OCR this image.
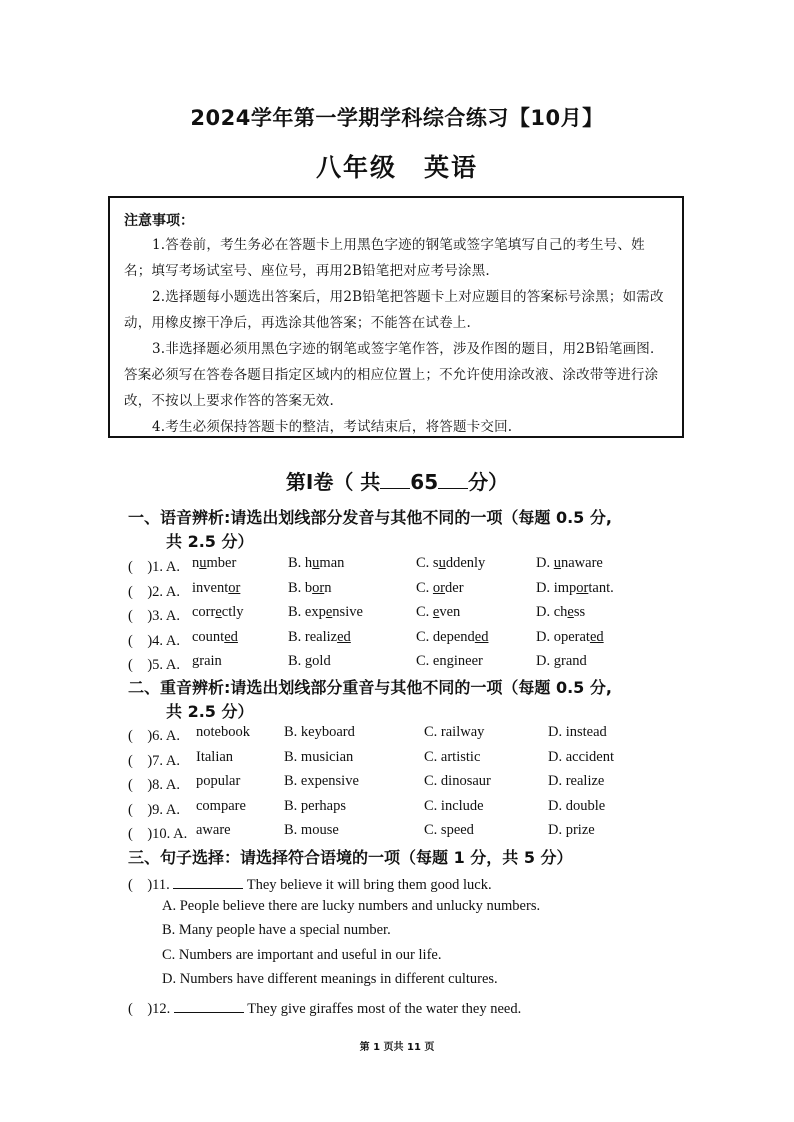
2024学年第一学期学科综合练习【10月】
八年级　英语
注意事项：
1.答卷前，考生务必在答题卡上用黑色字迹的钢笔或签字笔填写自己的考生号、姓名；填写考场试室号、座位号，再用2B铅笔把对应考号涂黑.
2.选择题每小题选出答案后，用2B铅笔把答题卡上对应题目的答案标号涂黑；如需改动，用橡皮擦干净后，再选涂其他答案；不能答在试卷上.
3.非选择题必须用黑色字迹的钢笔或签字笔作答，涉及作图的题目，用2B铅笔画图．答案必须写在答卷各题目指定区域内的相应位置上；不允许使用涂改液、涂改带等进行涂改，不按以上要求作答的答案无效.
4.考生必须保持答题卡的整洁，考试结束后，将答题卡交回.
第Ⅰ卷（ 共 65 分）
一、语音辨析:请选出划线部分发音与其他不同的一项（每题 0.5 分,
共 2.5 分）
(　)1. A. number	B. human	C. suddenly	D. unaware
(　)2. A. inventor	B. born	C. order	D. important.
(　)3. A. correctly	B. expensive	C. even	D. chess
(　)4. A. counted	B. realized	C. depended	D. operated
(　)5. A. grain	B. gold	C. engineer	D. grand
二、重音辨析:请选出划线部分重音与其他不同的一项（每题 0.5 分,
共 2.5 分）
(　)6. A. notebook B. keyboard	C. railway	D. instead
(　)7. A. Italian	B. musician	C. artistic	D. accident
(　)8. A. popular	B. expensive	C. dinosaur	D. realize
(　)9. A. compare	B. perhaps	C. include	D. double
(　)10. A. aware	B. mouse	C. speed	D. prize
三、句子选择：请选择符合语境的一项（每题 1 分，共 5 分）
(　)11.	They believe it will bring them good luck.
A. People believe there are lucky numbers and unlucky numbers.
B. Many people have a special number.
C. Numbers are important and useful in our life.
D. Numbers have different meanings in different cultures.
(　)12.	They give giraffes most of the water they need.
第 1 页共 11 页
